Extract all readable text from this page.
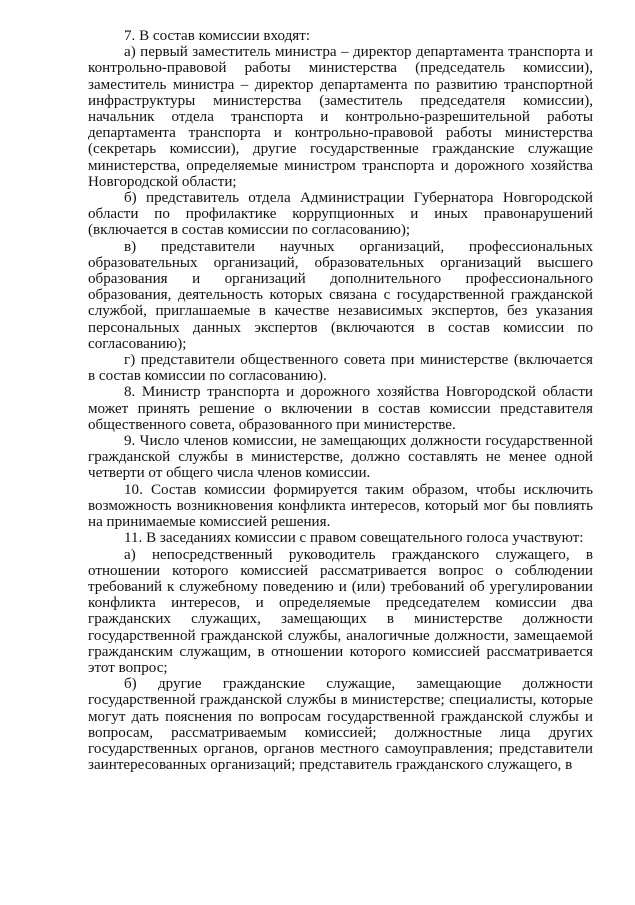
7. В состав комиссии входят:

а) первый заместитель министра – директор департамента транспорта и контрольно-правовой работы министерства (председатель комиссии), заместитель министра – директор департамента по развитию транспортной инфраструктуры министерства (заместитель председателя комиссии), начальник отдела транспорта и контрольно-разрешительной работы департамента транспорта и контрольно-правовой работы министерства (секретарь комиссии), другие государственные гражданские служащие министерства, определяемые министром транспорта и дорожного хозяйства Новгородской области;

б) представитель отдела Администрации Губернатора Новгородской области по профилактике коррупционных и иных правонарушений (включается в состав комиссии по согласованию);

в) представители научных организаций, профессиональных образовательных организаций, образовательных организаций высшего образования и организаций дополнительного профессионального образования, деятельность которых связана с государственной гражданской службой, приглашаемые в качестве независимых экспертов, без указания персональных данных экспертов (включаются в состав комиссии по согласованию);

г) представители общественного совета при министерстве (включается в состав комиссии по согласованию).

8. Министр транспорта и дорожного хозяйства Новгородской области может принять решение о включении в состав комиссии представителя общественного совета, образованного при министерстве.

9. Число членов комиссии, не замещающих должности государственной гражданской службы в министерстве, должно составлять не менее одной четверти от общего числа членов комиссии.

10. Состав комиссии формируется таким образом, чтобы исключить возможность возникновения конфликта интересов, который мог бы повлиять на принимаемые комиссией решения.

11. В заседаниях комиссии с правом совещательного голоса участвуют:

а) непосредственный руководитель гражданского служащего, в отношении которого комиссией рассматривается вопрос о соблюдении требований к служебному поведению и (или) требований об урегулировании конфликта интересов, и определяемые председателем комиссии два гражданских служащих, замещающих в министерстве должности государственной гражданской службы, аналогичные должности, замещаемой гражданским служащим, в отношении которого комиссией рассматривается этот вопрос;

б) другие гражданские служащие, замещающие должности государственной гражданской службы в министерстве; специалисты, которые могут дать пояснения по вопросам государственной гражданской службы и вопросам, рассматриваемым комиссией; должностные лица других государственных органов, органов местного самоуправления; представители заинтересованных организаций; представитель гражданского служащего, в
